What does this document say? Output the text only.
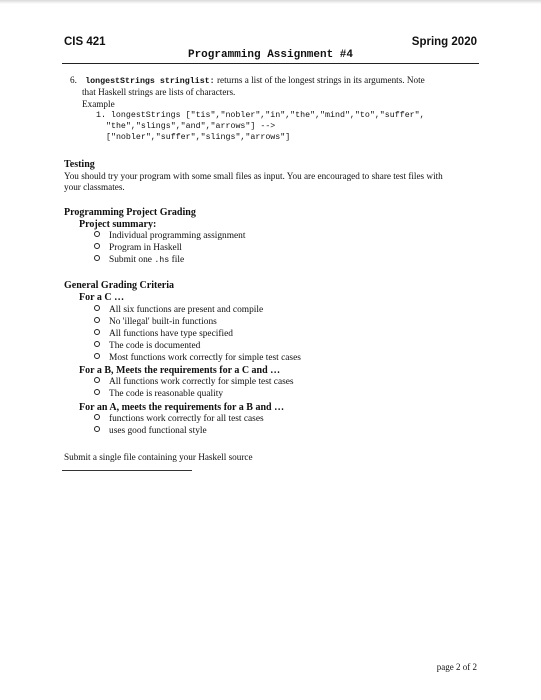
CIS 421	Spring 2020
Programming Assignment #4
6. longestStrings stringlist: returns a list of the longest strings in its arguments. Note
that Haskell strings are lists of characters.
Example
1. longestStrings ["tis","nobler","in","the","mind","to","suffer",
"the","slings","and","arrows"] -->
["nobler","suffer","slings","arrows"]
Testing
You should try your program with some small files as input. You are encouraged to share test files with
your classmates.
Programming Project Grading
Project summary:
Individual programming assignment
Program in Haskell
Submit one .hs file
General Grading Criteria
For a C …
All six functions are present and compile
No 'illegal' built-in functions
All functions have type specified
The code is documented
Most functions work correctly for simple test cases
For a B, Meets the requirements for a C and …
All functions work correctly for simple test cases
The code is reasonable quality
For an A, meets the requirements for a B and …
functions work correctly for all test cases
uses good functional style
Submit a single file containing your Haskell source
page 2 of 2
